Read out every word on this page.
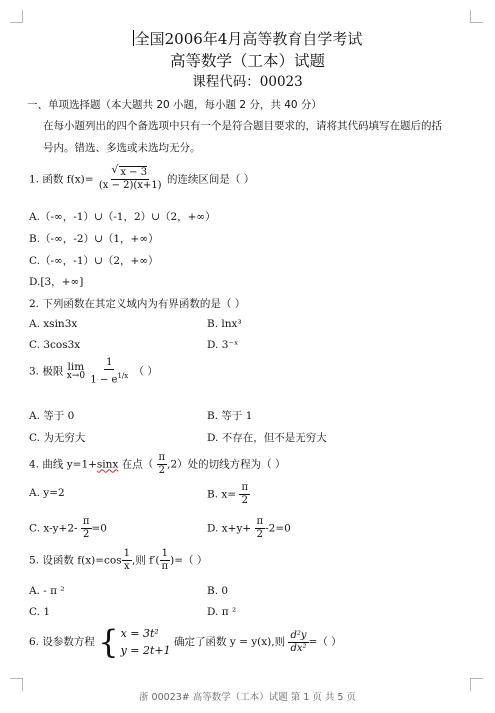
全国2006年4月高等教育自学考试
高等数学（工本）试题
课程代码：00023
一、单项选择题（本大题共 20 小题，每小题 2 分，共 40 分）
在每小题列出的四个备选项中只有一个是符合题目要求的，请将其代码填写在题后的括
号内。错选、多选或未选均无分。
1. 函数 f(x)=
√ $\frac{x - 3}{(x - 2)(x+1)}$ 的连续区间是（ ）
A.（-∞，-1）∪（-1，2）∪（2，+∞）
B.（-∞，-2）∪（1，+∞）
C.（-∞，-1）∪（2，+∞）
D.[3，+∞]
2. 下列函数在其定义域内为有界函数的是（ ）
A. xsin3x	B. lnx³
C. 3cos3x	D. 3⁻ˣ
3. 极限 lim
x→0
$\frac{1}{1 - e^{1/x}}$ （ ）
A. 等于 0	B. 等于 1
C. 为无穷大	D. 不存在，但不是无穷大
4. 曲线 y=1+sinx 在点（ $\frac{\pi}{2} ,2$）处的切线方程为（ ）
A. y=2	B. $x= \frac{\pi}{2}$
C. $x-y+2- \frac{\pi}{2} =0$	D. $x+y+ \frac{\pi}{2} -2=0$
5. 设函数 $f(x)=\cos \frac{1}{x}$ ,则 $f'( \frac{1}{\pi}$ )=（ ）
A. - π ²	B. 0
C. 1	D. π ²
6. 设参数方程 { x = 3t²
y = 2t+1
确定了函数 y = y(x),则 $\frac{\text{d²y}}{\text{dx²}}$ =（ ）
浙 00023# 高等数学（工本）试题 第 1 页 共 5 页
